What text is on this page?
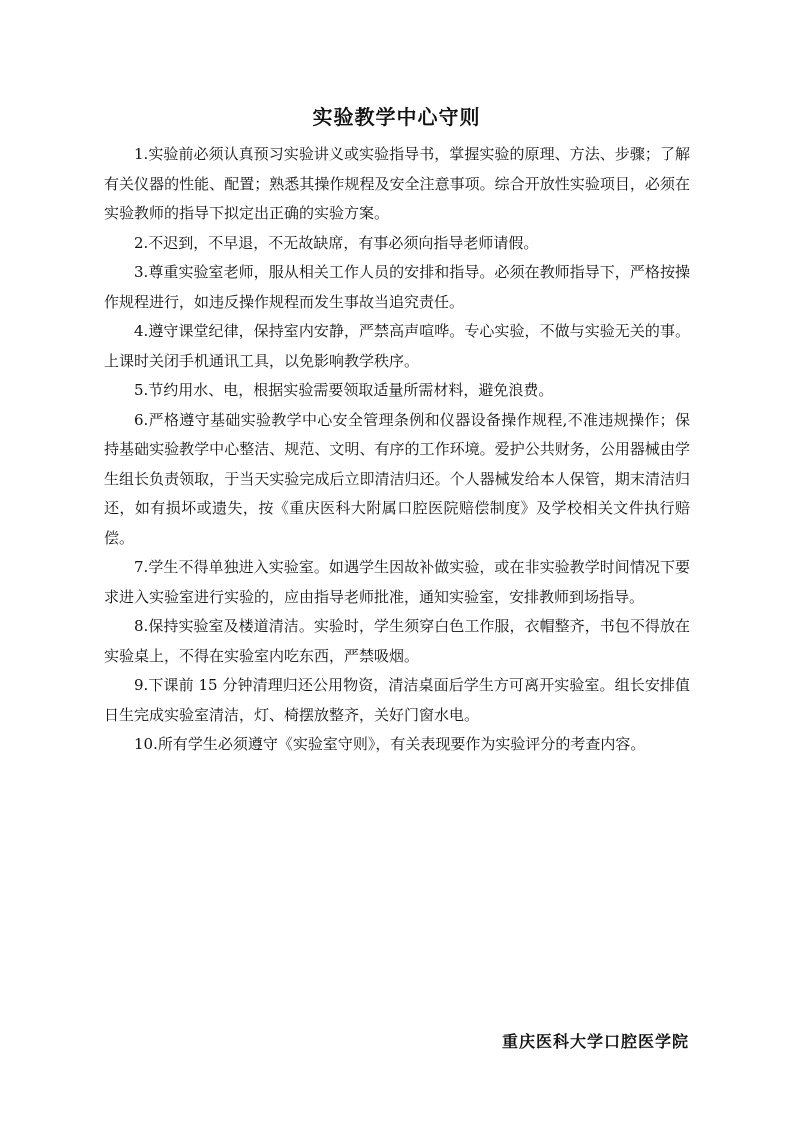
实验教学中心守则

1.实验前必须认真预习实验讲义或实验指导书，掌握实验的原理、方法、步骤；了解有关仪器的性能、配置；熟悉其操作规程及安全注意事项。综合开放性实验项目，必须在实验教师的指导下拟定出正确的实验方案。

2.不迟到，不早退，不无故缺席，有事必须向指导老师请假。

3.尊重实验室老师，服从相关工作人员的安排和指导。必须在教师指导下，严格按操作规程进行，如违反操作规程而发生事故当追究责任。

4.遵守课堂纪律，保持室内安静，严禁高声喧哗。专心实验，不做与实验无关的事。上课时关闭手机通讯工具，以免影响教学秩序。

5.节约用水、电，根据实验需要领取适量所需材料，避免浪费。

6.严格遵守基础实验教学中心安全管理条例和仪器设备操作规程,不准违规操作；保持基础实验教学中心整洁、规范、文明、有序的工作环境。爱护公共财务，公用器械由学生组长负责领取，于当天实验完成后立即清洁归还。个人器械发给本人保管，期末清洁归还，如有损坏或遗失，按《重庆医科大附属口腔医院赔偿制度》及学校相关文件执行赔偿。

7.学生不得单独进入实验室。如遇学生因故补做实验，或在非实验教学时间情况下要求进入实验室进行实验的，应由指导老师批准，通知实验室，安排教师到场指导。

8.保持实验室及楼道清洁。实验时，学生须穿白色工作服，衣帽整齐，书包不得放在实验桌上，不得在实验室内吃东西，严禁吸烟。

9.下课前 15 分钟清理归还公用物资，清洁桌面后学生方可离开实验室。组长安排值日生完成实验室清洁，灯、椅摆放整齐，关好门窗水电。

10.所有学生必须遵守《实验室守则》，有关表现要作为实验评分的考查内容。

重庆医科大学口腔医学院
